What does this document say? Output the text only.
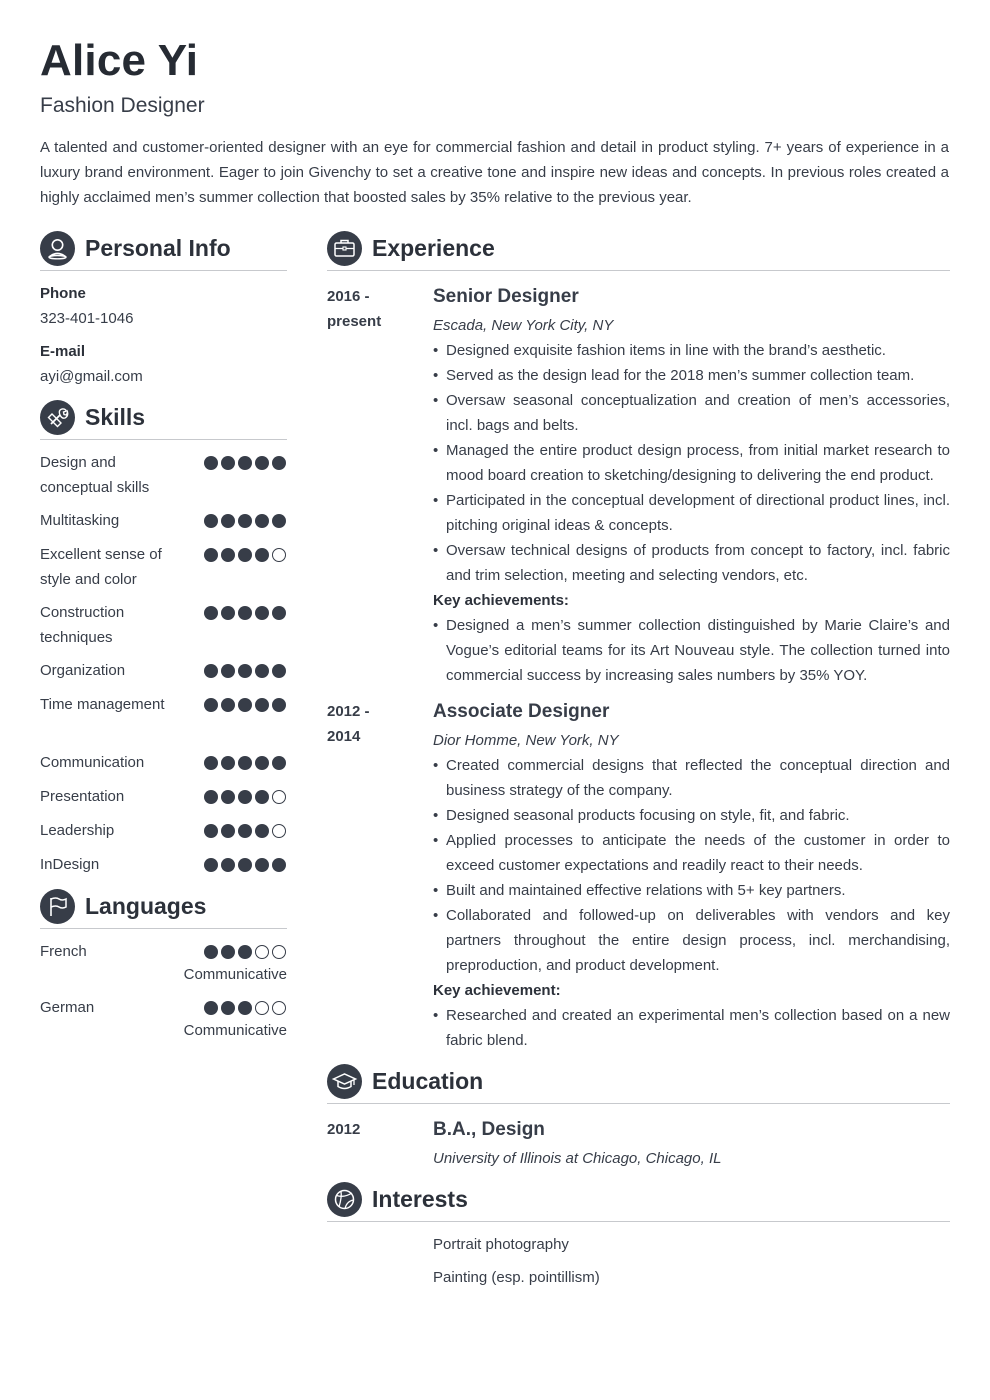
Alice Yi
Fashion Designer
A talented and customer-oriented designer with an eye for commercial fashion and detail in product styling. 7+ years of experience in a luxury brand environment. Eager to join Givenchy to set a creative tone and inspire new ideas and concepts. In previous roles created a highly acclaimed men’s summer collection that boosted sales by 35% relative to the previous year.
Personal Info
Phone
323-401-1046
E-mail
ayi@gmail.com
Skills
Design and conceptual skills
Multitasking
Excellent sense of style and color
Construction techniques
Organization
Time management
Communication
Presentation
Leadership
InDesign
Languages
French
Communicative
German
Communicative
Experience
2016 -
present
Senior Designer
Escada, New York City, NY
• Designed exquisite fashion items in line with the brand’s aesthetic.
• Served as the design lead for the 2018 men’s summer collection team.
• Oversaw seasonal conceptualization and creation of men’s accessories, incl. bags and belts.
• Managed the entire product design process, from initial market research to mood board creation to sketching/designing to delivering the end product.
• Participated in the conceptual development of directional product lines, incl. pitching original ideas & concepts.
• Oversaw technical designs of products from concept to factory, incl. fabric and trim selection, meeting and selecting vendors, etc.
Key achievements:
• Designed a men’s summer collection distinguished by Marie Claire’s and Vogue’s editorial teams for its Art Nouveau style. The collection turned into commercial success by increasing sales numbers by 35% YOY.
2012 -
2014
Associate Designer
Dior Homme, New York, NY
• Created commercial designs that reflected the conceptual direction and business strategy of the company.
• Designed seasonal products focusing on style, fit, and fabric.
• Applied processes to anticipate the needs of the customer in order to exceed customer expectations and readily react to their needs.
• Built and maintained effective relations with 5+ key partners.
• Collaborated and followed-up on deliverables with vendors and key partners throughout the entire design process, incl. merchandising, preproduction, and product development.
Key achievement:
• Researched and created an experimental men’s collection based on a new fabric blend.
Education
2012	B.A., Design
University of Illinois at Chicago, Chicago, IL
Interests
Portrait photography
Painting (esp. pointillism)
